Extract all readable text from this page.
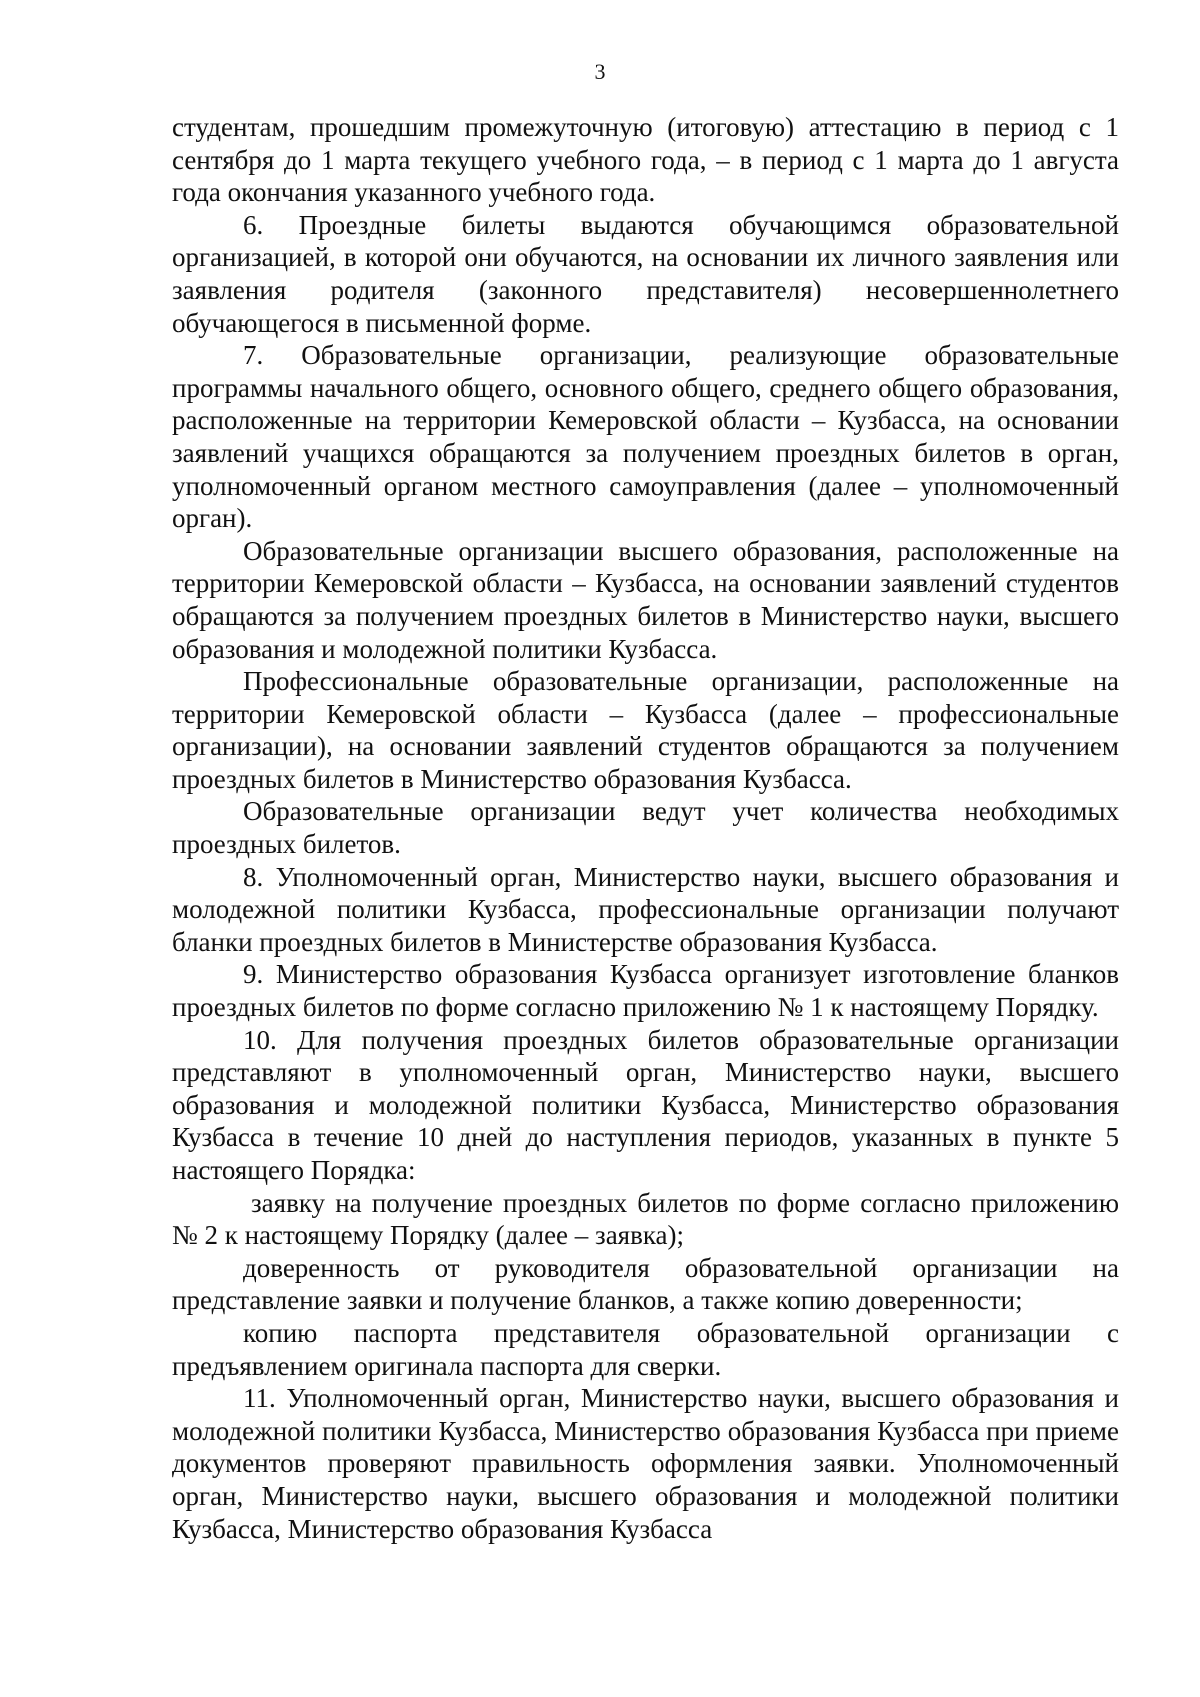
3

студентам, прошедшим промежуточную (итоговую) аттестацию в период с 1 сентября до 1 марта текущего учебного года, – в период с 1 марта до 1 августа года окончания указанного учебного года.

6. Проездные билеты выдаются обучающимся образовательной организацией, в которой они обучаются, на основании их личного заявления или заявления родителя (законного представителя) несовершеннолетнего обучающегося в письменной форме.

7. Образовательные организации, реализующие образовательные программы начального общего, основного общего, среднего общего образования, расположенные на территории Кемеровской области – Кузбасса, на основании заявлений учащихся обращаются за получением проездных билетов в орган, уполномоченный органом местного самоуправления (далее – уполномоченный орган).

Образовательные организации высшего образования, расположенные на территории Кемеровской области – Кузбасса, на основании заявлений студентов обращаются за получением проездных билетов в Министерство науки, высшего образования и молодежной политики Кузбасса.

Профессиональные образовательные организации, расположенные на территории Кемеровской области – Кузбасса (далее – профессиональные организации), на основании заявлений студентов обращаются за получением проездных билетов в Министерство образования Кузбасса.

Образовательные организации ведут учет количества необходимых проездных билетов.

8. Уполномоченный орган, Министерство науки, высшего образования и молодежной политики Кузбасса, профессиональные организации получают бланки проездных билетов в Министерстве образования Кузбасса.

9. Министерство образования Кузбасса организует изготовление бланков проездных билетов по форме согласно приложению № 1 к настоящему Порядку.

10. Для получения проездных билетов образовательные организации представляют в уполномоченный орган, Министерство науки, высшего образования и молодежной политики Кузбасса, Министерство образования Кузбасса в течение 10 дней до наступления периодов, указанных в пункте 5 настоящего Порядка:

заявку на получение проездных билетов по форме согласно приложению № 2 к настоящему Порядку (далее – заявка);

доверенность от руководителя образовательной организации на представление заявки и получение бланков, а также копию доверенности;

копию паспорта представителя образовательной организации с предъявлением оригинала паспорта для сверки.

11. Уполномоченный орган, Министерство науки, высшего образования и молодежной политики Кузбасса, Министерство образования Кузбасса при приеме документов проверяют правильность оформления заявки. Уполномоченный орган, Министерство науки, высшего образования и молодежной политики Кузбасса, Министерство образования Кузбасса
